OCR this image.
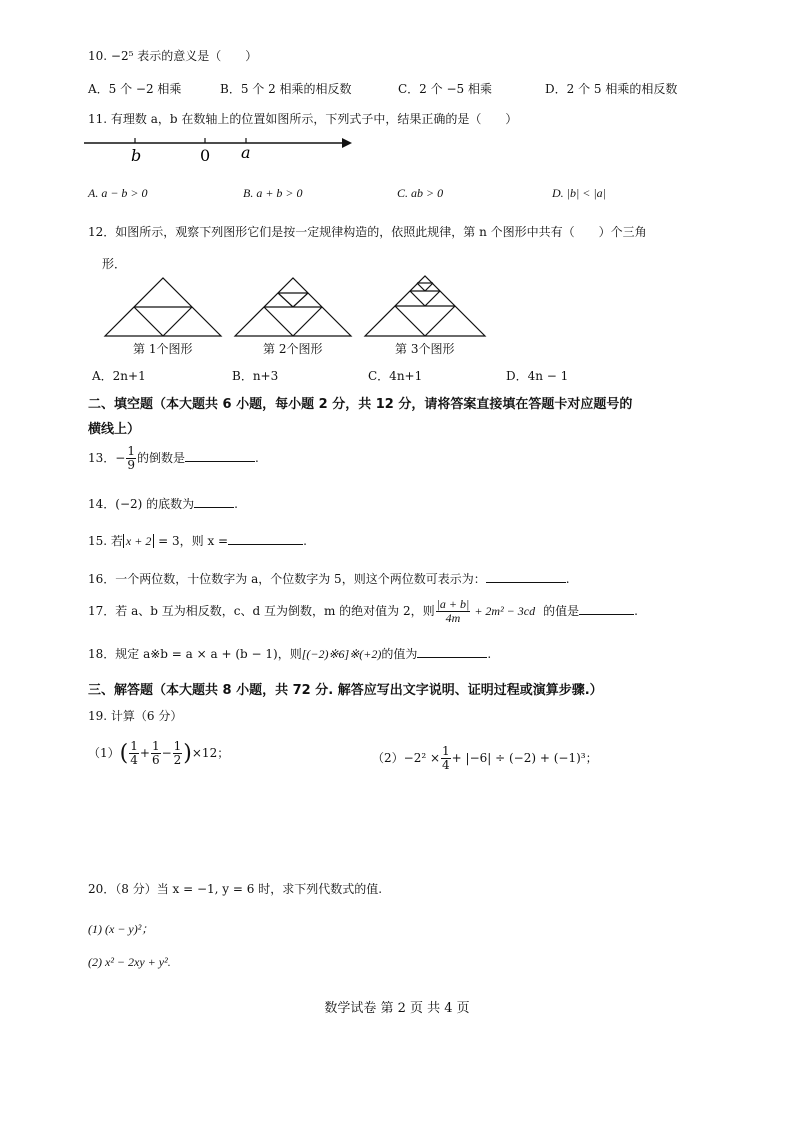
10. −2⁵ 表示的意义是（　　）
A．5 个 −2 相乘	B．5 个 2 相乘的相反数	C．2 个 −5 相乘	D．2 个 5 相乘的相反数
11. 有理数 a，b 在数轴上的位置如图所示，下列式子中，结果正确的是（　　）
b	0 a
A. a − b > 0	B. a + b > 0	C. ab > 0	D. |b| < |a|
12．如图所示，观察下列图形它们是按一定规律构造的，依照此规律，第 n 个图形中共有（　　）个三角
形．
第 1个图形	第 2个图形	第 3个图形
A．2n+1	B．n+3	C．4n+1	D．4n − 1
二、填空题（本大题共 6 小题，每小题 2 分，共 12 分，请将答案直接填在答题卡对应题号的
横线上）
13．− $\frac{1}{9}$ 的倒数是	.
14．(−2) 的底数为	.
15. 若 x + 2 = 3，则 x =	.
16．一个两位数，十位数字为 a，个位数字为 5，则这个两位数可表示为：	.
17．若 a、b 互为相反数，c、d 互为倒数，m 的绝对值为 2，则 $\frac{|a + b|}{4m} + 2m^2 - 3cd$ 的值是	.
18．规定 a※b = a × a + (b − 1)，则[(−2)※6]※(+2)的值为	.
三、解答题（本大题共 8 小题，共 72 分. 解答应写出文字说明、证明过程或演算步骤.）
19. 计算（6 分）
$(1)( \frac{1}{4} + \frac{1}{6} - \frac{1}{2} )\times 12$；	$(2)-2^2 \times \frac{1}{4} + |-6| \div (-2) + (-1)^3$；
20．（8 分）当 x = −1, y = 6 时，求下列代数式的值.
(1) (x − y)²；
(2) x² − 2xy + y².
数学试卷 第 2 页 共 4 页
